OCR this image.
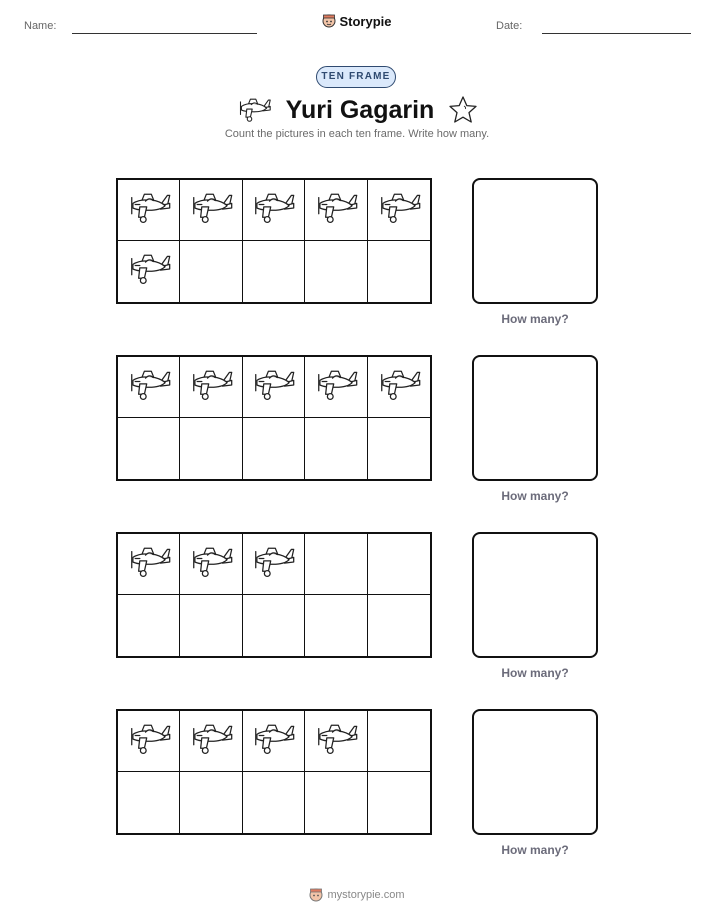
Name:	Storypie	Date:
TEN FRAME
Yuri Gagarin
Count the pictures in each ten frame. Write how many.
How many?
How many?
How many?
How many?
mystorypie.com
